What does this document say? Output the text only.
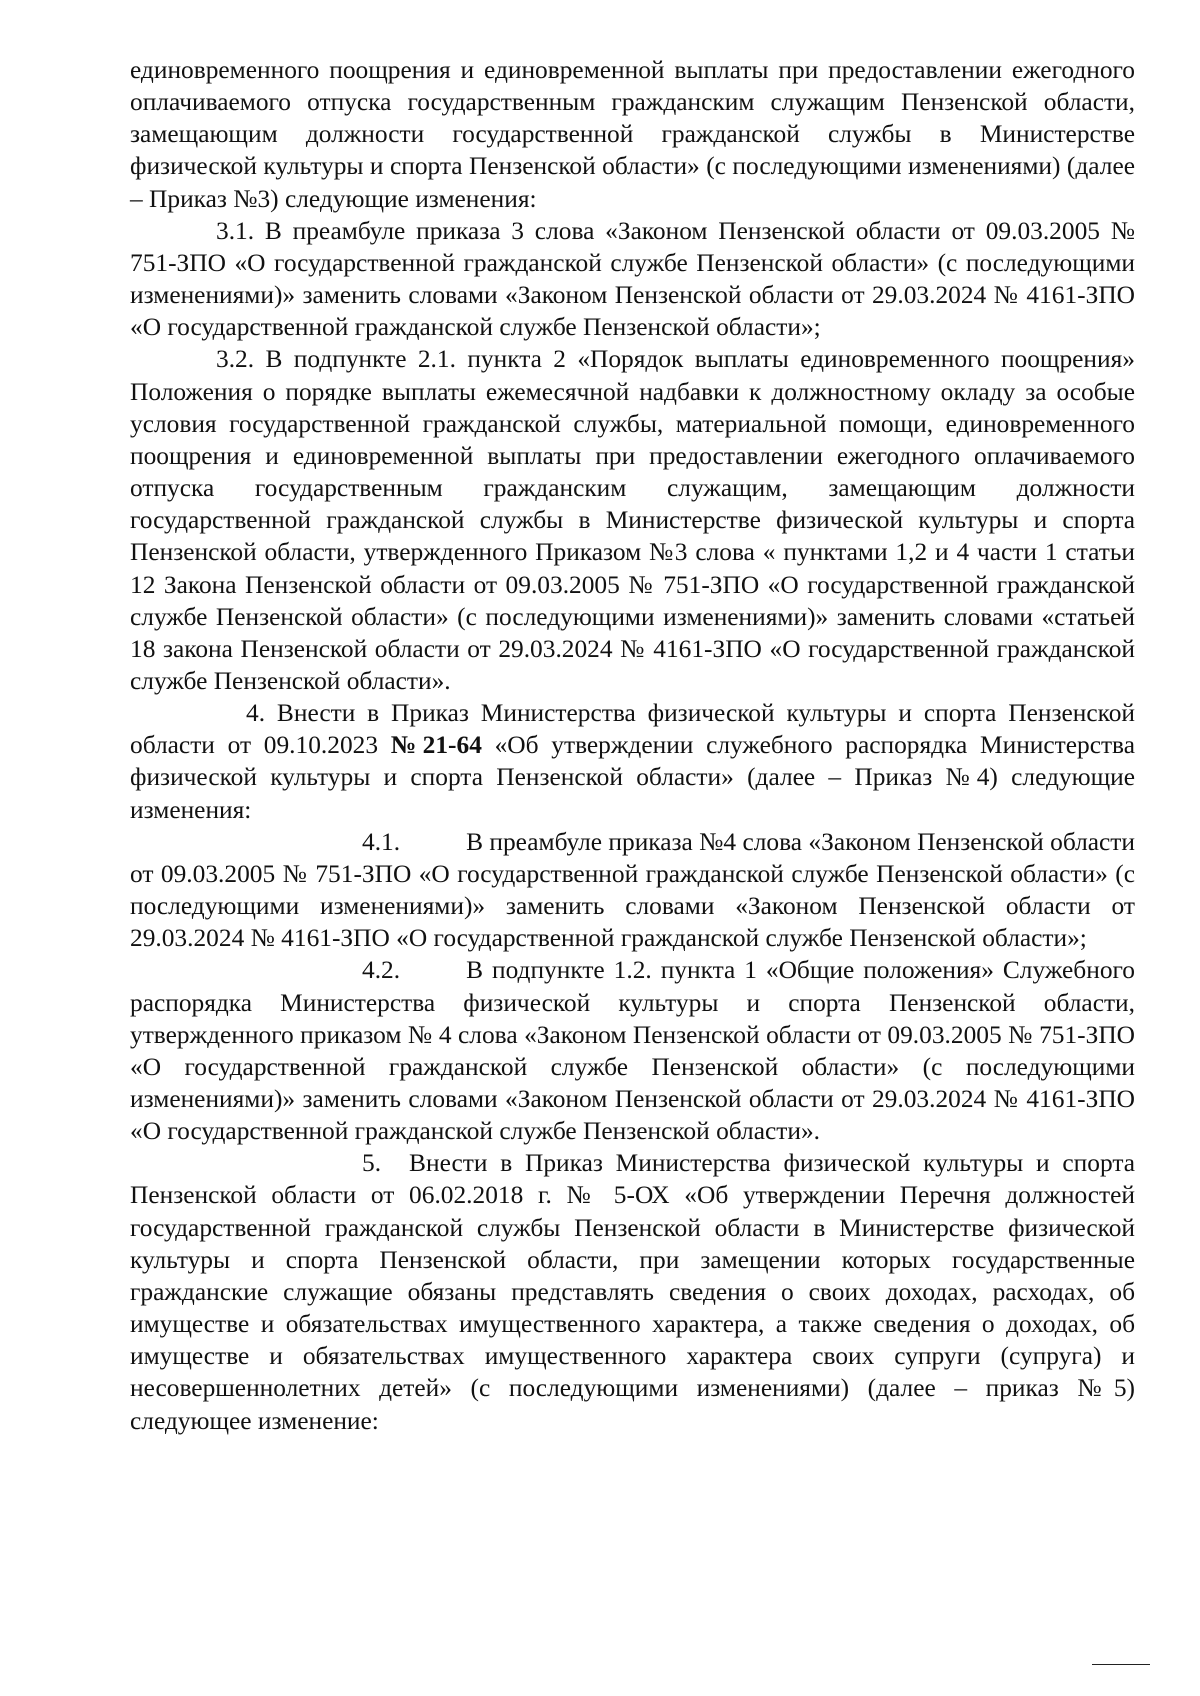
единовременного поощрения и единовременной выплаты при предоставлении ежегодного оплачиваемого отпуска государственным гражданским служащим Пензенской области, замещающим должности государственной гражданской службы в Министерстве физической культуры и спорта Пензенской области» (с последующими изменениями) (далее – Приказ №3) следующие изменения:

3.1. В преамбуле приказа 3 слова «Законом Пензенской области от 09.03.2005 № 751-ЗПО «О государственной гражданской службе Пензенской области» (с последующими изменениями)» заменить словами «Законом Пензенской области от 29.03.2024 № 4161-ЗПО «О государственной гражданской службе Пензенской области»;

3.2. В подпункте 2.1. пункта 2 «Порядок выплаты единовременного поощрения» Положения о порядке выплаты ежемесячной надбавки к должностному окладу за особые условия государственной гражданской службы, материальной помощи, единовременного поощрения и единовременной выплаты при предоставлении ежегодного оплачиваемого отпуска государственным гражданским служащим, замещающим должности государственной гражданской службы в Министерстве физической культуры и спорта Пензенской области, утвержденного Приказом №3 слова « пунктами 1,2 и 4 части 1 статьи 12 Закона Пензенской области от 09.03.2005 № 751-ЗПО «О государственной гражданской службе Пензенской области» (с последующими изменениями)» заменить словами «статьей 18 закона Пензенской области от 29.03.2024 № 4161-ЗПО «О государственной гражданской службе Пензенской области».

4. Внести в Приказ Министерства физической культуры и спорта Пензенской области от 09.10.2023 №21-64 «Об утверждении служебного распорядка Министерства физической культуры и спорта Пензенской области» (далее – Приказ №4) следующие изменения:

4.1.	В преамбуле приказа №4 слова «Законом Пензенской области от 09.03.2005 № 751-ЗПО «О государственной гражданской службе Пензенской области» (с последующими изменениями)» заменить словами «Законом Пензенской области от 29.03.2024 № 4161-ЗПО «О государственной гражданской службе Пензенской области»;

4.2.	В подпункте 1.2. пункта 1 «Общие положения» Служебного распорядка Министерства физической культуры и спорта Пензенской области, утвержденного приказом № 4 слова «Законом Пензенской области от 09.03.2005 № 751-ЗПО «О государственной гражданской службе Пензенской области» (с последующими изменениями)» заменить словами «Законом Пензенской области от 29.03.2024 № 4161-ЗПО «О государственной гражданской службе Пензенской области».

5. Внести в Приказ Министерства физической культуры и спорта Пензенской области от 06.02.2018 г. № 5-ОХ «Об утверждении Перечня должностей государственной гражданской службы Пензенской области в Министерстве физической культуры и спорта Пензенской области, при замещении которых государственные гражданские служащие обязаны представлять сведения о своих доходах, расходах, об имуществе и обязательствах имущественного характера, а также сведения о доходах, об имуществе и обязательствах имущественного характера своих супруги (супруга) и несовершеннолетних детей» (с последующими изменениями) (далее – приказ №5) следующее изменение:
